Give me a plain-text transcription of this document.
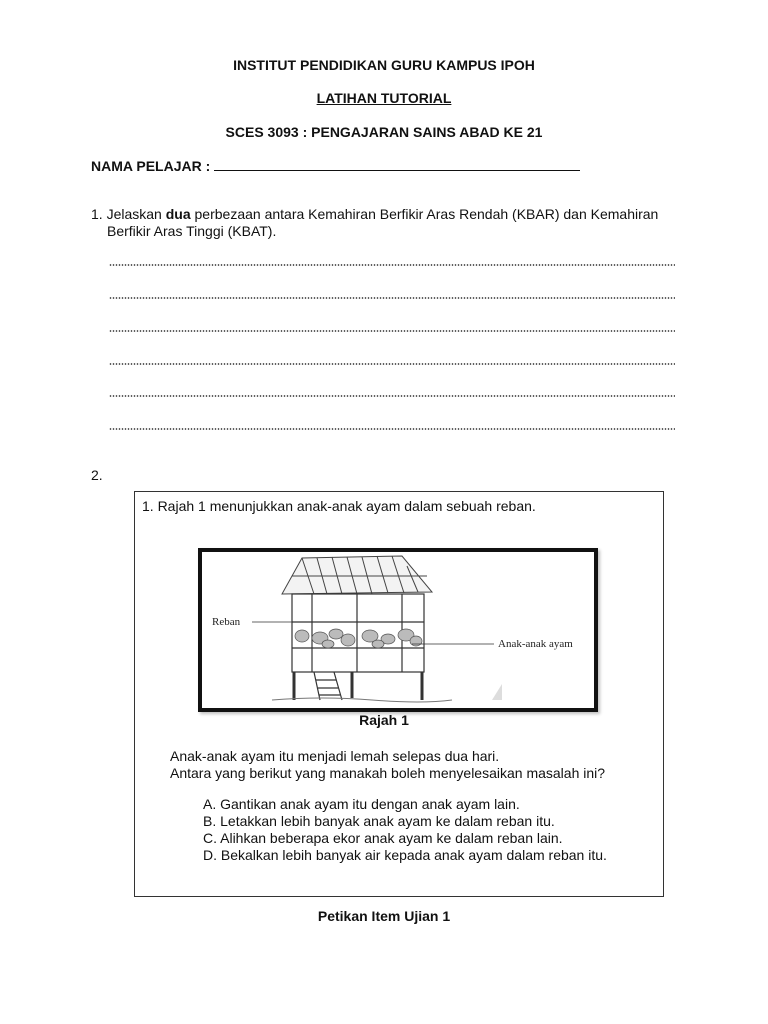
INSTITUT PENDIDIKAN GURU KAMPUS IPOH
LATIHAN TUTORIAL
SCES 3093 : PENGAJARAN SAINS ABAD KE 21
NAMA PELAJAR :
1. Jelaskan dua perbezaan antara Kemahiran Berfikir Aras Rendah (KBAR) dan Kemahiran
Berfikir Aras Tinggi (KBAT).
2.
1. Rajah 1 menunjukkan anak-anak ayam dalam sebuah reban.
Reban
Anak-anak ayam
Rajah 1
Anak-anak ayam itu menjadi lemah selepas dua hari.
Antara yang berikut yang manakah boleh menyelesaikan masalah ini?
A. Gantikan anak ayam itu dengan anak ayam lain.
B. Letakkan lebih banyak anak ayam ke dalam reban itu.
C. Alihkan beberapa ekor anak ayam ke dalam reban lain.
D. Bekalkan lebih banyak air kepada anak ayam dalam reban itu.
Petikan Item Ujian 1
